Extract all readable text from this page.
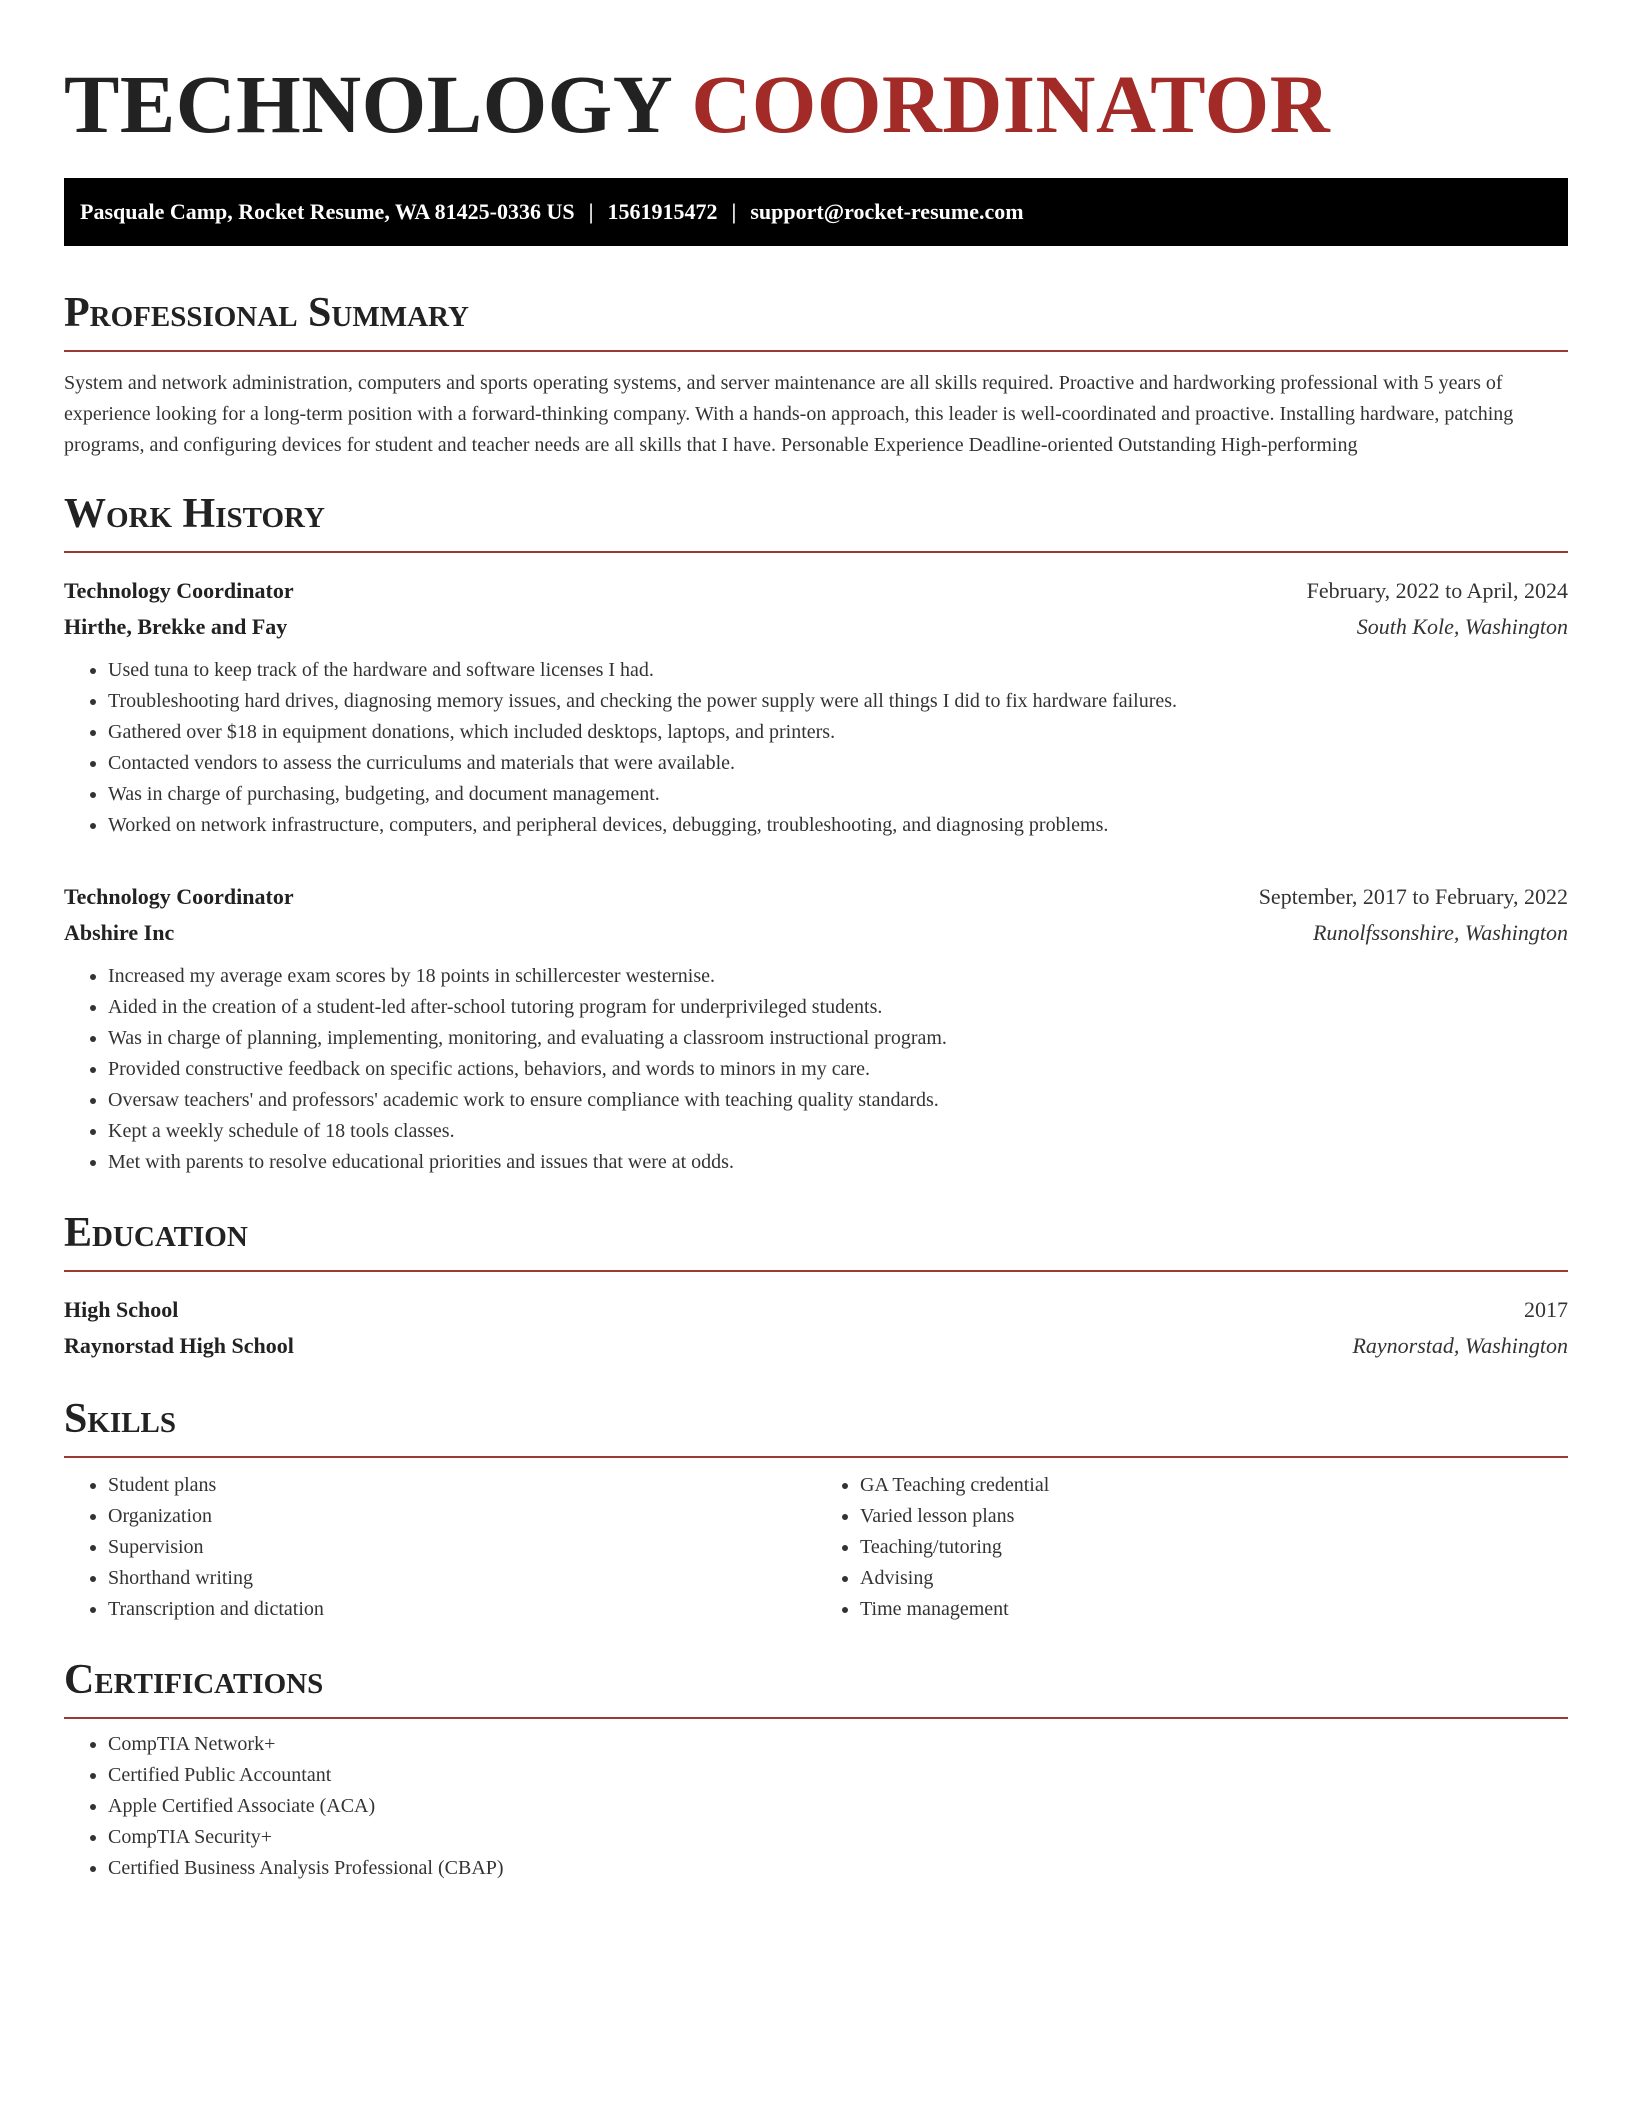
TECHNOLOGY COORDINATOR
Pasquale Camp, Rocket Resume, WA 81425-0336 US | 1561915472 | support@rocket-resume.com
Professional Summary

System and network administration, computers and sports operating systems, and server maintenance are all skills required. Proactive and hardworking professional with 5 years of experience looking for a long-term position with a forward-thinking company. With a hands-on approach, this leader is well-coordinated and proactive. Installing hardware, patching programs, and configuring devices for student and teacher needs are all skills that I have. Personable Experience Deadline-oriented Outstanding High-performing

Work History
Technology Coordinator	February, 2022 to April, 2024
Hirthe, Brekke and Fay	South Kole, Washington
• Used tuna to keep track of the hardware and software licenses I had.
• Troubleshooting hard drives, diagnosing memory issues, and checking the power supply were all things I did to fix hardware failures.
• Gathered over $18 in equipment donations, which included desktops, laptops, and printers.
• Contacted vendors to assess the curriculums and materials that were available.
• Was in charge of purchasing, budgeting, and document management.
• Worked on network infrastructure, computers, and peripheral devices, debugging, troubleshooting, and diagnosing problems.
Technology Coordinator	September, 2017 to February, 2022
Abshire Inc	Runolfssonshire, Washington
• Increased my average exam scores by 18 points in schillercester westernise.
• Aided in the creation of a student-led after-school tutoring program for underprivileged students.
• Was in charge of planning, implementing, monitoring, and evaluating a classroom instructional program.
• Provided constructive feedback on specific actions, behaviors, and words to minors in my care.
• Oversaw teachers' and professors' academic work to ensure compliance with teaching quality standards.
• Kept a weekly schedule of 18 tools classes.
• Met with parents to resolve educational priorities and issues that were at odds.
Education
High School	2017
Raynorstad High School	Raynorstad, Washington
Skills
• Student plans
• Organization
• Supervision
• Shorthand writing
• Transcription and dictation
• GA Teaching credential
• Varied lesson plans
• Teaching/tutoring
• Advising
• Time management
Certifications
• CompTIA Network+
• Certified Public Accountant
• Apple Certified Associate (ACA)
• CompTIA Security+
• Certified Business Analysis Professional (CBAP)
